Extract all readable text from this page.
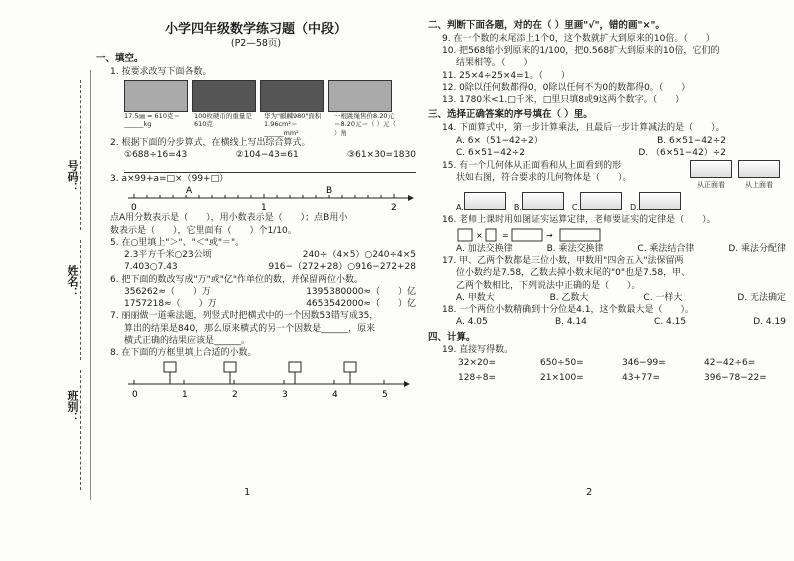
号码：
姓名：
班别：
小学四年级数学练习题（中段）
(P2—58页)
一、填空。
1. 按要求改写下面各数。
17.5㎜ = 610克＝______kg
100枚硬币的重量是610克
华为"麒麟980"面积1.96cm²＝______mm²
一根跳绳售价8.20元＝8.20元＝（ ）元（ ）角
2. 根据下面的分步算式，在横线上写出综合算式。
①688÷16=43	②104−43=61	③61×30=1830
3. a×99+a=□×（99+□）
0	1	2
A	B
点A用分数表示是（　　），用小数表示是（　　）；点B用小
数表示是（　　），它里面有（　　）个1/10。
5. 在○里填上"＞"、"＜"或"＝"。
2.3平方千米○23公顷	240÷（4×5）○240÷4×5
7.403○7.43	916−（272+28）○916−272+28
6. 把下面的数改写成"万"或"亿"作单位的数，并保留两位小数。
356262≈（　　）万	1395380000≈（　　）亿
1757218≈（　　）万	4653542000≈（　　）亿
7. 丽丽做一道乘法题，列竖式时把横式中的一个因数53错写成35，
算出的结果是840，那么原来横式的另一个因数是______，原来
横式正确的结果应该是______。
8. 在下面的方框里填上合适的小数。
0	1	2	3	4	5
1
二、判断下面各题，对的在（ ）里画"√"，错的画"×"。
9. 在一个数的末尾添上1个0，这个数就扩大到原来的10倍。（　　）
10. 把568缩小到原来的1/100，把0.568扩大到原来的10倍，它们的
结果相等。（　　）
11. 25×4÷25×4=1。（　　）
12. 0除以任何数都得0，0除以任何不为0的数都得0。（　　）
13. 1780米<1.□千米，□里只填8或9这两个数字。（　　）
三、选择正确答案的序号填在（ ）里。
14. 下面算式中，第一步计算乘法，且最后一步计算减法的是（　　）。
A. 6×（51−42÷2）	B. 6×51−42÷2
C. 6×51−42÷2	D. （6×51−42）÷2
15. 有一个几何体从正面看和从上面看到的形
状如右图，符合要求的几何物体是（　　）。

从正面看	从上面看
A.	B.	C.	D.
16. 老师上课时用如图证实运算定律，老师要证实的定律是（　　）。
× =	→
A. 加法交换律	B. 乘法交换律	C. 乘法结合律	D. 乘法分配律
17. 甲、乙两个数都是三位小数，甲数用"四舍五入"法保留两
位小数约是7.58，乙数去掉小数末尾的"0"也是7.58，甲、
乙两个数相比，下列说法中正确的是（　　）。
A. 甲数大	B. 乙数大	C. 一样大	D. 无法确定
18. 一个两位小数精确到十分位是4.1，这个数最大是（　　）。
A. 4.05	B. 4.14	C. 4.15	D. 4.19
四、计算。
19. 直接写得数。
32×20=	650÷50=	346−99=	42−42÷6=
128÷8=	21×100=	43+77=	396−78−22=
2
